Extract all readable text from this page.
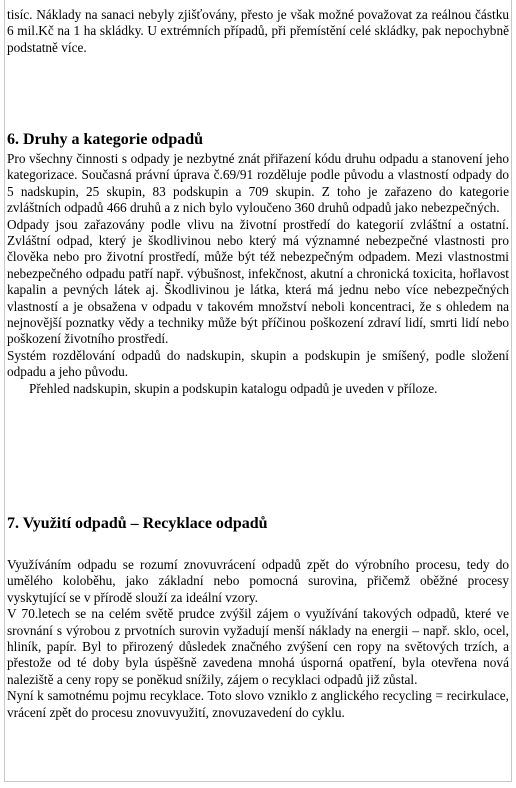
tisíc. Náklady na sanaci nebyly zjišťovány, přesto je však možné považovat za reálnou částku 6 mil.Kč na 1 ha skládky. U extrémních případů, při přemístění celé skládky, pak nepochybně podstatně více.

6. Druhy a kategorie odpadů

Pro všechny činnosti s odpady je nezbytné znát přiřazení kódu druhu odpadu a stanovení jeho kategorizace. Současná právní úprava č.69/91 rozděluje podle původu a vlastností odpady do 5 nadskupin, 25 skupin, 83 podskupin a 709 skupin. Z toho je zařazeno do kategorie zvláštních odpadů 466 druhů a z nich bylo vyloučeno 360 druhů odpadů jako nebezpečných.

Odpady jsou zařazovány podle vlivu na životní prostředí do kategorií zvláštní a ostatní. Zvláštní odpad, který je škodlivinou nebo který má významné nebezpečné vlastnosti pro člověka nebo pro životní prostředí, může být též nebezpečným odpadem. Mezi vlastnostmi nebezpečného odpadu patří např. výbušnost, infekčnost, akutní a chronická toxicita, hořlavost kapalin a pevných látek aj. Škodlivinou je látka, která má jednu nebo více nebezpečných vlastností a je obsažena v odpadu v takovém množství neboli koncentraci, že s ohledem na nejnovější poznatky vědy a techniky může být příčinou poškození zdraví lidí, smrti lidí nebo poškození životního prostředí.

Systém rozdělování odpadů do nadskupin, skupin a podskupin je smíšený, podle složení odpadu a jeho původu.

Přehled nadskupin, skupin a podskupin katalogu odpadů je uveden v příloze.

7. Využití odpadů – Recyklace odpadů

Využíváním odpadu se rozumí znovuvrácení odpadů zpět do výrobního procesu, tedy do umělého koloběhu, jako základní nebo pomocná surovina, přičemž oběžné procesy vyskytující se v přírodě slouží za ideální vzory.

V 70.letech se na celém světě prudce zvýšil zájem o využívání takových odpadů, které ve srovnání s výrobou z prvotních surovin vyžadují menší náklady na energii – např. sklo, ocel, hliník, papír. Byl to přirozený důsledek značného zvýšení cen ropy na světových trzích, a přestože od té doby byla úspěšně zavedena mnohá úsporná opatření, byla otevřena nová naleziště a ceny ropy se poněkud snížily, zájem o recyklaci odpadů již zůstal.

Nyní k samotnému pojmu recyklace. Toto slovo vzniklo z anglického recycling = recirkulace, vrácení zpět do procesu znovuvyužití, znovuzavedení do cyklu.
